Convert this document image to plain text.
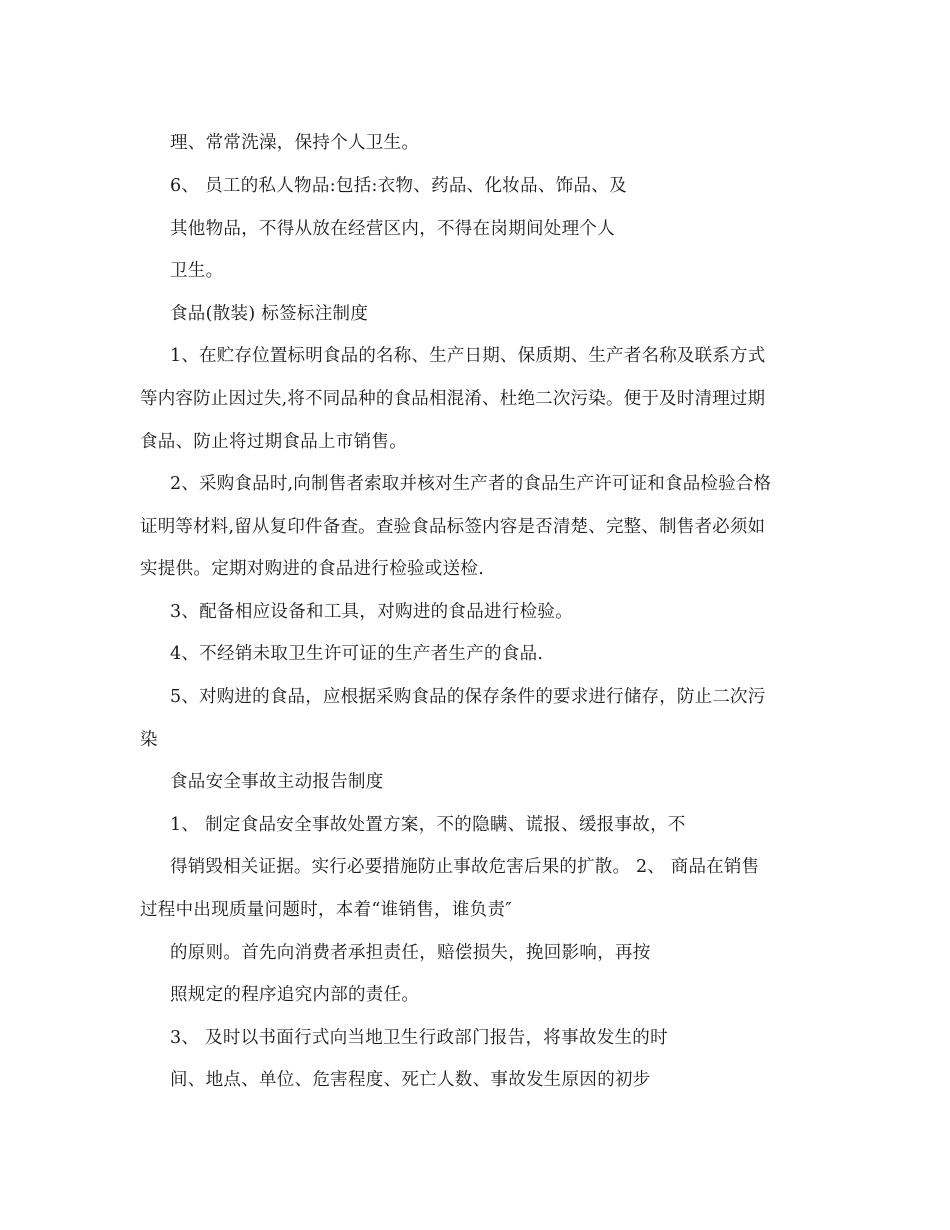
理、常常洗澡，保持个人卫生。
6、 员工的私人物品:包括:衣物、药品、化妆品、饰品、及
其他物品，不得从放在经营区内，不得在岗期间处理个人
卫生。
食品(散装) 标签标注制度
1、在贮存位置标明食品的名称、生产日期、保质期、生产者名称及联系方式
等内容防止因过失,将不同品种的食品相混淆、杜绝二次污染。便于及时清理过期
食品、防止将过期食品上市销售。
2、采购食品时,向制售者索取并核对生产者的食品生产许可证和食品检验合格
证明等材料,留从复印件备查。查验食品标签内容是否清楚、完整、制售者必须如
实提供。定期对购进的食品进行检验或送检.
3、配备相应设备和工具，对购进的食品进行检验。
4、不经销未取卫生许可证的生产者生产的食品.
5、对购进的食品，应根据采购食品的保存条件的要求进行储存，防止二次污
染
食品安全事故主动报告制度
1、 制定食品安全事故处置方案，不的隐瞒、谎报、缓报事故，不
得销毁相关证据。实行必要措施防止事故危害后果的扩散。 2、 商品在销售
过程中出现质量问题时，本着“谁销售，谁负责″
的原则。首先向消费者承担责任，赔偿损失，挽回影响，再按
照规定的程序追究内部的责任。
3、 及时以书面行式向当地卫生行政部门报告，将事故发生的时
间、地点、单位、危害程度、死亡人数、事故发生原因的初步
